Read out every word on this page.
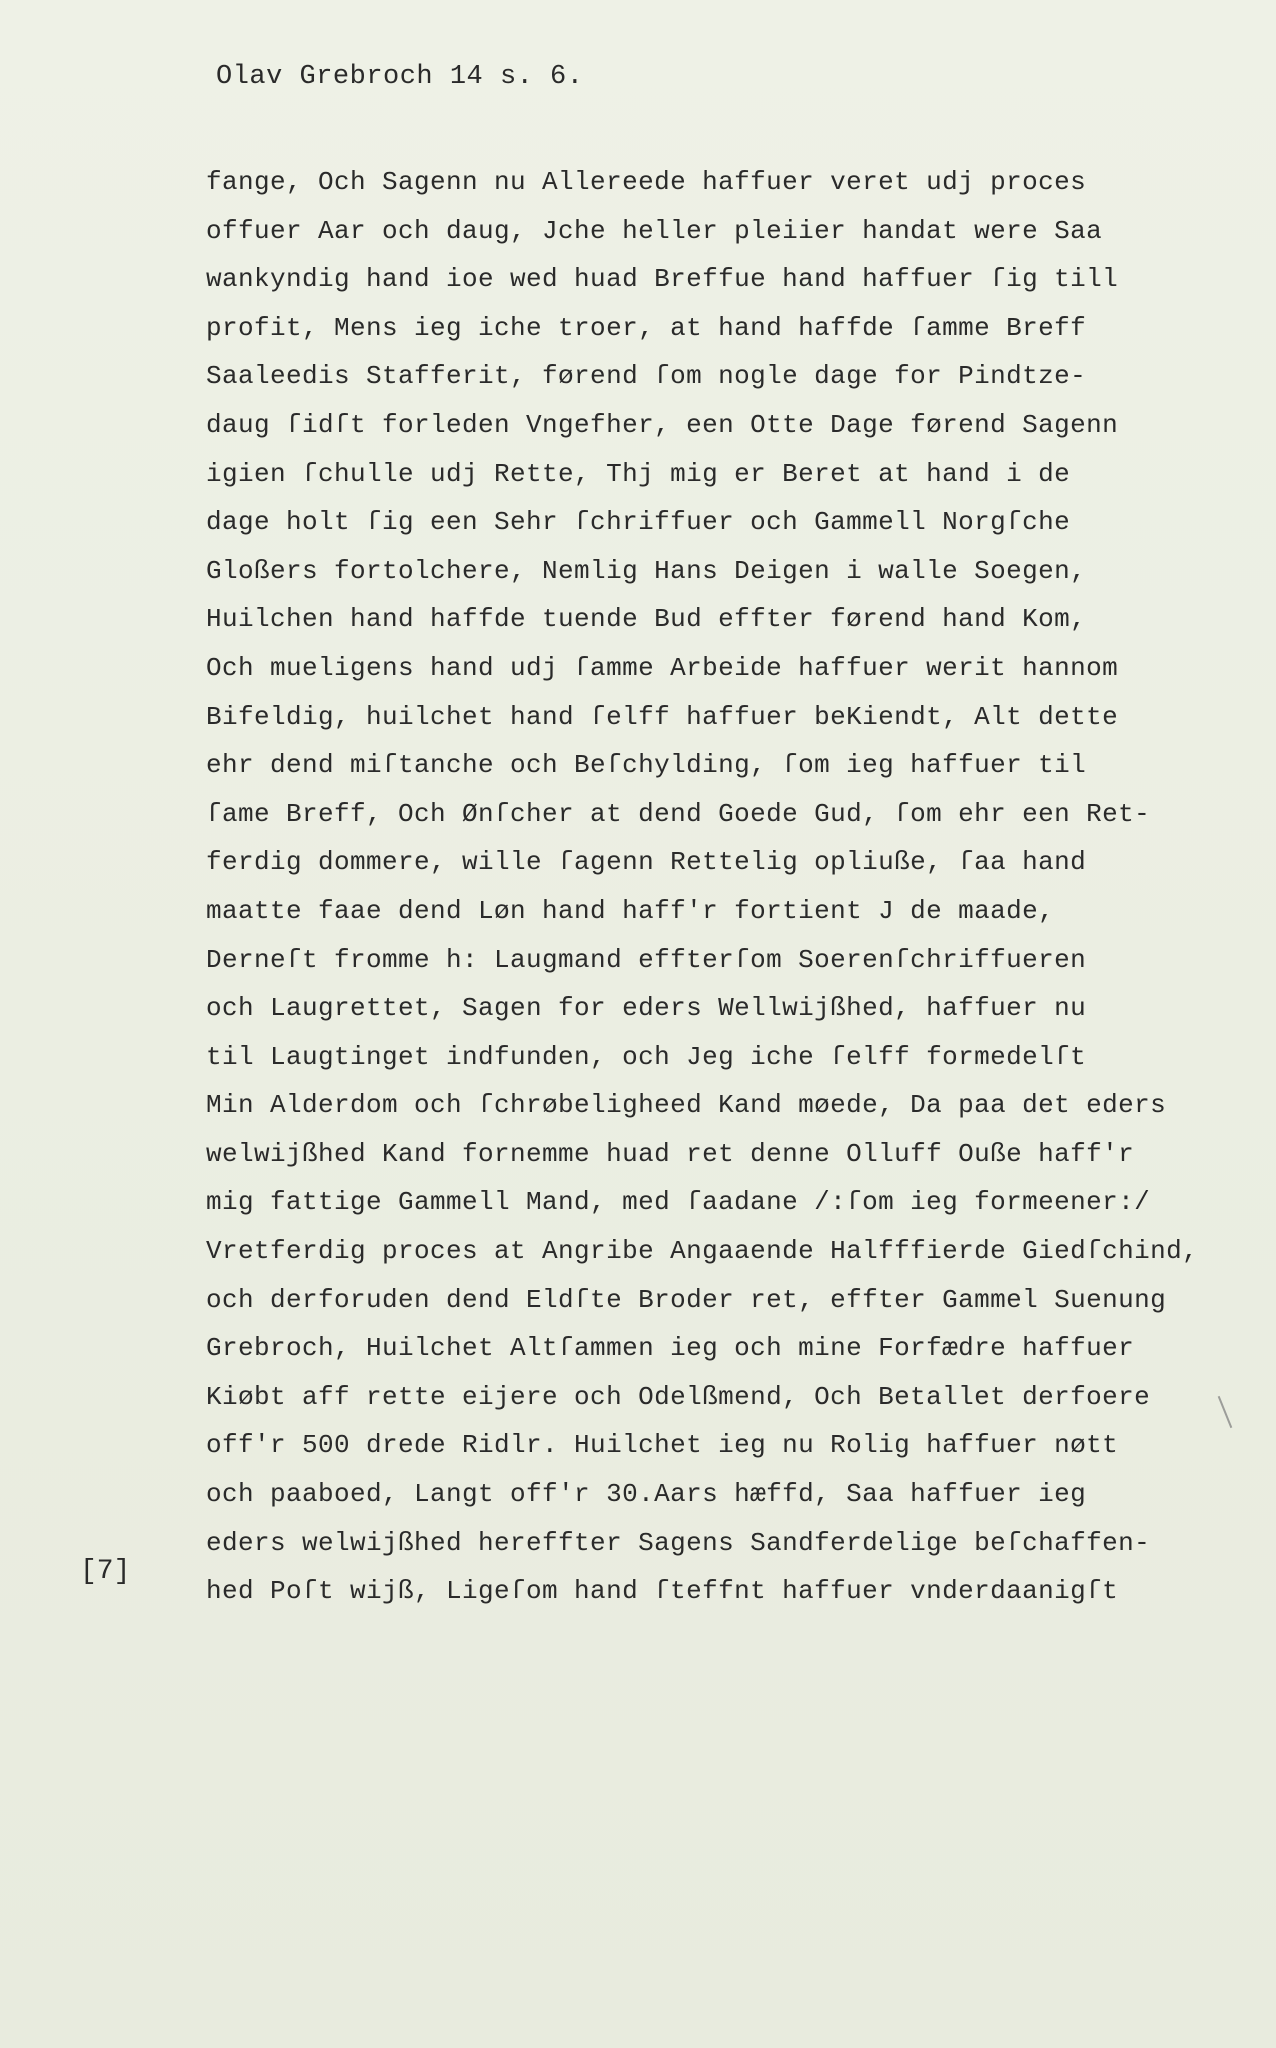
Olav Grebroch 14 s. 6.
fange, Och Sagenn nu Allereede haffuer veret udj proces
offuer Aar och daug, Jche heller pleiier handat were Saa
wankyndig hand ioe wed huad Breffue hand haffuer ſig till
profit, Mens ieg iche troer, at hand haffde ſamme Breff
Saaleedis Stafferit, førend ſom nogle dage for Pindtze-
daug ſidſt forleden Vngefher, een Otte Dage førend Sagenn
igien ſchulle udj Rette, Thj mig er Beret at hand i de
dage holt ſig een Sehr ſchriffuer och Gammell Norgſche
Gloßers fortolchere, Nemlig Hans Deigen i walle Soegen,
Huilchen hand haffde tuende Bud effter førend hand Kom,
Och mueligens hand udj ſamme Arbeide haffuer werit hannom
Bifeldig, huilchet hand ſelff haffuer beKiendt, Alt dette
ehr dend miſtanche och Beſchylding, ſom ieg haffuer til
ſame Breff, Och Ønſcher at dend Goede Gud, ſom ehr een Ret-
ferdig dommere, wille ſagenn Rettelig opliuße, ſaa hand
maatte faae dend Løn hand haff'r fortient J de maade,
Derneſt fromme h: Laugmand effterſom Soerenſchriffueren
och Laugrettet, Sagen for eders Wellwijßhed, haffuer nu
til Laugtinget indfunden, och Jeg iche ſelff formedelſt
Min Alderdom och ſchrøbeligheed Kand møede, Da paa det eders
welwijßhed Kand fornemme huad ret denne Olluff Ouße haff'r
mig fattige Gammell Mand, med ſaadane /:ſom ieg formeener:/
Vretferdig proces at Angribe Angaaende Halfffierde Giedſchind,
och derforuden dend Eldſte Broder ret, effter Gammel Suenung
Grebroch, Huilchet Altſammen ieg och mine Forfædre haffuer
Kiøbt aff rette eijere och Odelßmend, Och Betallet derfoere
off'r 500 drede Ridlr. Huilchet ieg nu Rolig haffuer nøtt
och paaboed, Langt off'r 30.Aars hæffd, Saa haffuer ieg
eders welwijßhed hereffter Sagens Sandferdelige beſchaffen-
hed Poſt wijß, Ligeſom hand ſteffnt haffuer vnderdaanigſt
[7]
